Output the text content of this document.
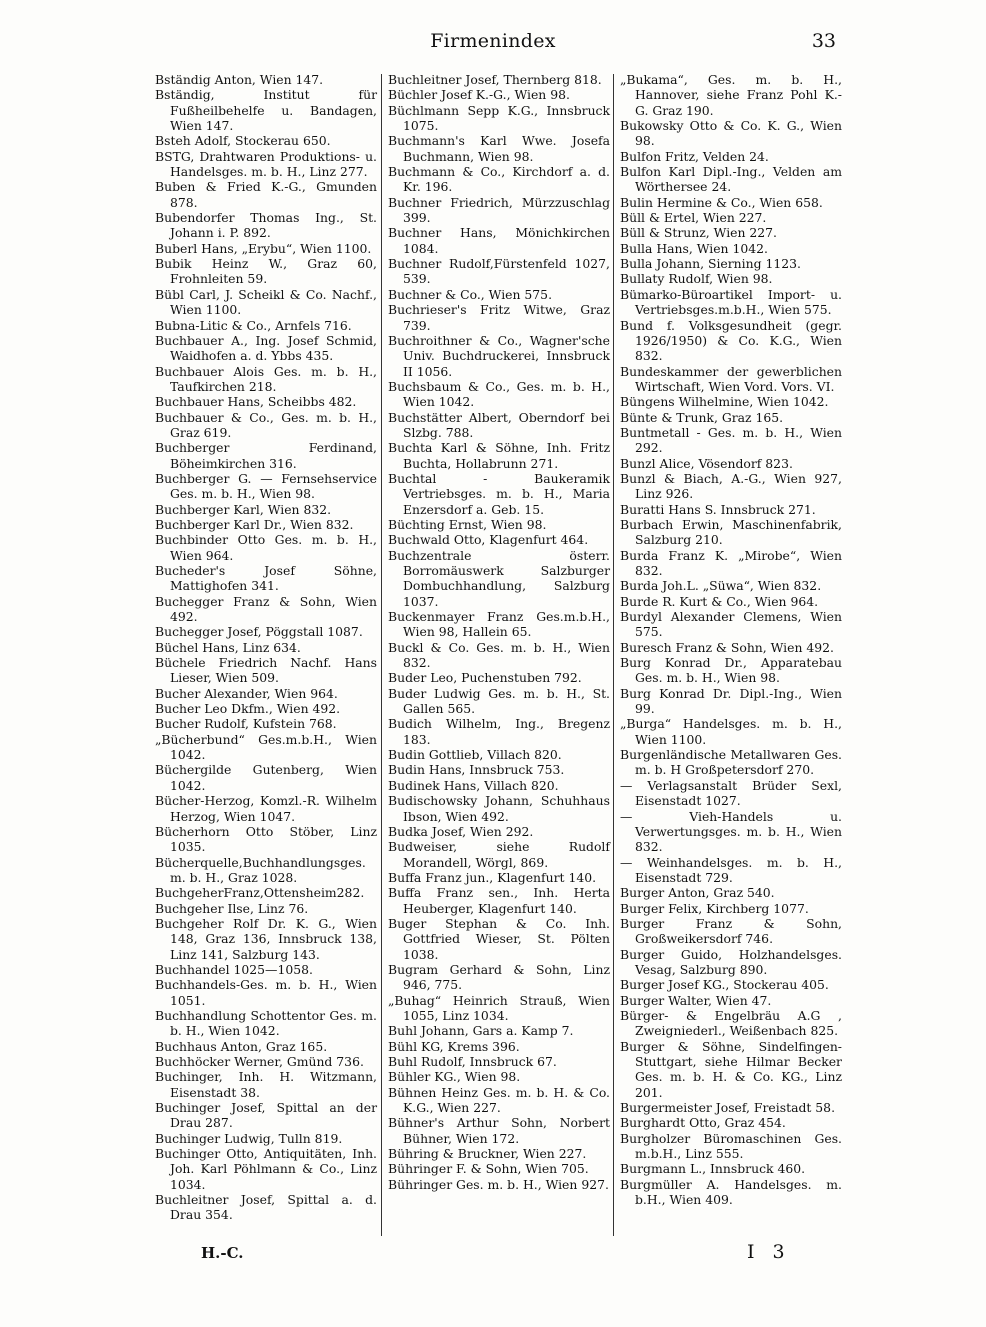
Firmenindex	33
Bständig Anton, Wien 147.
Bständig, Institut für Fußheilbehelfe u. Bandagen, Wien 147.
Bsteh Adolf, Stockerau 650.
BSTG, Drahtwaren Produktions- u. Handelsges. m. b. H., Linz 277.
Buben & Fried K.-G., Gmunden 878.
Bubendorfer Thomas Ing., St. Johann i. P. 892.
Buberl Hans, „Erybu“, Wien 1100.
Bubik Heinz W., Graz 60, Frohnleiten 59.
Bübl Carl, J. Scheikl & Co. Nachf., Wien 1100.
Bubna-Litic & Co., Arnfels 716.
Buchbauer A., Ing. Josef Schmid, Waidhofen a. d. Ybbs 435.
Buchbauer Alois Ges. m. b. H., Taufkirchen 218.
Buchbauer Hans, Scheibbs 482.
Buchbauer & Co., Ges. m. b. H., Graz 619.
Buchberger Ferdinand, Böheimkirchen 316.
Buchberger G. — Fernsehservice Ges. m. b. H., Wien 98.
Buchberger Karl, Wien 832.
Buchberger Karl Dr., Wien 832.
Buchbinder Otto Ges. m. b. H., Wien 964.
Bucheder's Josef Söhne, Mattighofen 341.
Buchegger Franz & Sohn, Wien 492.
Buchegger Josef, Pöggstall 1087.
Büchel Hans, Linz 634.
Büchele Friedrich Nachf. Hans Lieser, Wien 509.
Bucher Alexander, Wien 964.
Bucher Leo Dkfm., Wien 492.
Bucher Rudolf, Kufstein 768.
„Bücherbund“ Ges.m.b.H., Wien 1042.
Büchergilde Gutenberg, Wien 1042.
Bücher-Herzog, Komzl.-R. Wilhelm Herzog, Wien 1047.
Bücherhorn Otto Stöber, Linz 1035.
Bücherquelle,Buchhandlungsges. m. b. H., Graz 1028.
BuchgeherFranz,Ottensheim282.
Buchgeher Ilse, Linz 76.
Buchgeher Rolf Dr. K. G., Wien 148, Graz 136, Innsbruck 138, Linz 141, Salzburg 143.
Buchhandel 1025—1058.
Buchhandels-Ges. m. b. H., Wien 1051.
Buchhandlung Schottentor Ges. m. b. H., Wien 1042.
Buchhaus Anton, Graz 165.
Buchhöcker Werner, Gmünd 736.
Buchinger, Inh. H. Witzmann, Eisenstadt 38.
Buchinger Josef, Spittal an der Drau 287.
Buchinger Ludwig, Tulln 819.
Buchinger Otto, Antiquitäten, Inh. Joh. Karl Pöhlmann & Co., Linz 1034.
Buchleitner Josef, Spittal a. d. Drau 354.
Buchleitner Josef, Thernberg 818.
Büchler Josef K.-G., Wien 98.
Büchlmann Sepp K.G., Innsbruck 1075.
Buchmann's Karl Wwe. Josefa Buchmann, Wien 98.
Buchmann & Co., Kirchdorf a. d. Kr. 196.
Buchner Friedrich, Mürzzuschlag 399.
Buchner Hans, Mönichkirchen 1084.
Buchner Rudolf,Fürstenfeld 1027, 539.
Buchner & Co., Wien 575.
Buchrieser's Fritz Witwe, Graz 739.
Buchroithner & Co., Wagner'sche Univ. Buchdruckerei, Innsbruck II 1056.
Buchsbaum & Co., Ges. m. b. H., Wien 1042.
Buchstätter Albert, Oberndorf bei Slzbg. 788.
Buchta Karl & Söhne, Inh. Fritz Buchta, Hollabrunn 271.
Buchtal - Baukeramik Vertriebsges. m. b. H., Maria Enzersdorf a. Geb. 15.
Büchting Ernst, Wien 98.
Buchwald Otto, Klagenfurt 464.
Buchzentrale österr. Borromäuswerk Salzburger Dombuchhandlung, Salzburg 1037.
Buckenmayer Franz Ges.m.b.H., Wien 98, Hallein 65.
Buckl & Co. Ges. m. b. H., Wien 832.
Buder Leo, Puchenstuben 792.
Buder Ludwig Ges. m. b. H., St. Gallen 565.
Budich Wilhelm, Ing., Bregenz 183.
Budin Gottlieb, Villach 820.
Budin Hans, Innsbruck 753.
Budinek Hans, Villach 820.
Budischowsky Johann, Schuhhaus Ibson, Wien 492.
Budka Josef, Wien 292.
Budweiser, siehe Rudolf Morandell, Wörgl, 869.
Buffa Franz jun., Klagenfurt 140.
Buffa Franz sen., Inh. Herta Heuberger, Klagenfurt 140.
Buger Stephan & Co. Inh. Gottfried Wieser, St. Pölten 1038.
Bugram Gerhard & Sohn, Linz 946, 775.
„Buhag“ Heinrich Strauß, Wien 1055, Linz 1034.
Buhl Johann, Gars a. Kamp 7.
Bühl KG, Krems 396.
Buhl Rudolf, Innsbruck 67.
Bühler KG., Wien 98.
Bühnen Heinz Ges. m. b. H. & Co. K.G., Wien 227.
Bühner's Arthur Sohn, Norbert Bühner, Wien 172.
Bühring & Bruckner, Wien 227.
Bühringer F. & Sohn, Wien 705.
Bühringer Ges. m. b. H., Wien 927.
„Bukama“, Ges. m. b. H., Hannover, siehe Franz Pohl K.-G. Graz 190.
Bukowsky Otto & Co. K. G., Wien 98.
Bulfon Fritz, Velden 24.
Bulfon Karl Dipl.-Ing., Velden am Wörthersee 24.
Bulin Hermine & Co., Wien 658.
Büll & Ertel, Wien 227.
Büll & Strunz, Wien 227.
Bulla Hans, Wien 1042.
Bulla Johann, Sierning 1123.
Bullaty Rudolf, Wien 98.
Bümarko-Büroartikel Import- u. Vertriebsges.m.b.H., Wien 575.
Bund f. Volksgesundheit (gegr. 1926/1950) & Co. K.G., Wien 832.
Bundeskammer der gewerblichen Wirtschaft, Wien Vord. Vors. VI.
Büngens Wilhelmine, Wien 1042.
Bünte & Trunk, Graz 165.
Buntmetall - Ges. m. b. H., Wien 292.
Bunzl Alice, Vösendorf 823.
Bunzl & Biach, A.-G., Wien 927, Linz 926.
Buratti Hans S. Innsbruck 271.
Burbach Erwin, Maschinenfabrik, Salzburg 210.
Burda Franz K. „Mirobe“, Wien 832.
Burda Joh.L. „Süwa“, Wien 832.
Burde R. Kurt & Co., Wien 964.
Burdyl Alexander Clemens, Wien 575.
Buresch Franz & Sohn, Wien 492.
Burg Konrad Dr., Apparatebau Ges. m. b. H., Wien 98.
Burg Konrad Dr. Dipl.-Ing., Wien 99.
„Burga“ Handelsges. m. b. H., Wien 1100.
Burgenländische Metallwaren Ges. m. b. H Großpetersdorf 270.
— Verlagsanstalt Brüder Sexl, Eisenstadt 1027.
— Vieh-Handels u. Verwertungsges. m. b. H., Wien 832.
— Weinhandelsges. m. b. H., Eisenstadt 729.
Burger Anton, Graz 540.
Burger Felix, Kirchberg 1077.
Burger Franz & Sohn, Großweikersdorf 746.
Burger Guido, Holzhandelsges. Vesag, Salzburg 890.
Burger Josef KG., Stockerau 405.
Burger Walter, Wien 47.
Bürger- & Engelbräu A.G , Zweigniederl., Weißenbach 825.
Burger & Söhne, Sindelfingen-Stuttgart, siehe Hilmar Becker Ges. m. b. H. & Co. KG., Linz 201.
Burgermeister Josef, Freistadt 58.
Burghardt Otto, Graz 454.
Burgholzer Büromaschinen Ges. m.b.H., Linz 555.
Burgmann L., Innsbruck 460.
Burgmüller A. Handelsges. m. b.H., Wien 409.
H.-C.	I 3
